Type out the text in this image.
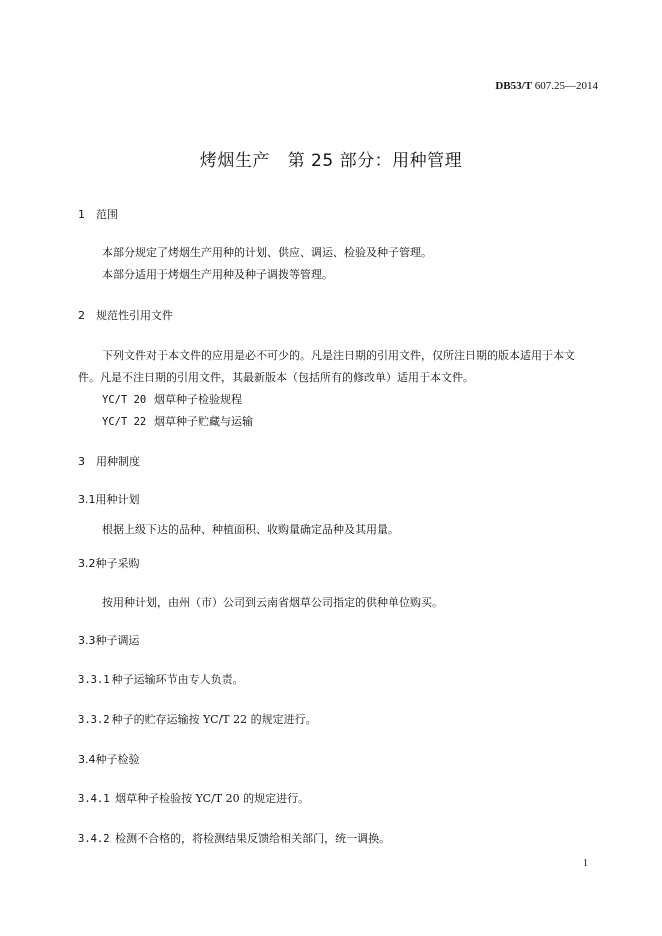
DB53/T 607.25—2014
烤烟生产   第 25 部分：用种管理
1 范围
本部分规定了烤烟生产用种的计划、供应、调运、检验及种子管理。
本部分适用于烤烟生产用种及种子调拨等管理。
2 规范性引用文件
下列文件对于本文件的应用是必不可少的。凡是注日期的引用文件，仅所注日期的版本适用于本文
件。凡是不注日期的引用文件，其最新版本（包括所有的修改单）适用于本文件。
YC/T 20 烟草种子检验规程
YC/T 22 烟草种子贮藏与运输
3 用种制度
3.1用种计划
根据上级下达的品种、种植面积、收购量确定品种及其用量。
3.2种子采购
按用种计划，由州（市）公司到云南省烟草公司指定的供种单位购买。
3.3种子调运
3.3.1 种子运输环节由专人负责。
3.3.2 种子的贮存运输按 YC/T 22 的规定进行。
3.4种子检验
3.4.1 烟草种子检验按 YC/T 20 的规定进行。
3.4.2 检测不合格的，将检测结果反馈给相关部门，统一调换。
1
